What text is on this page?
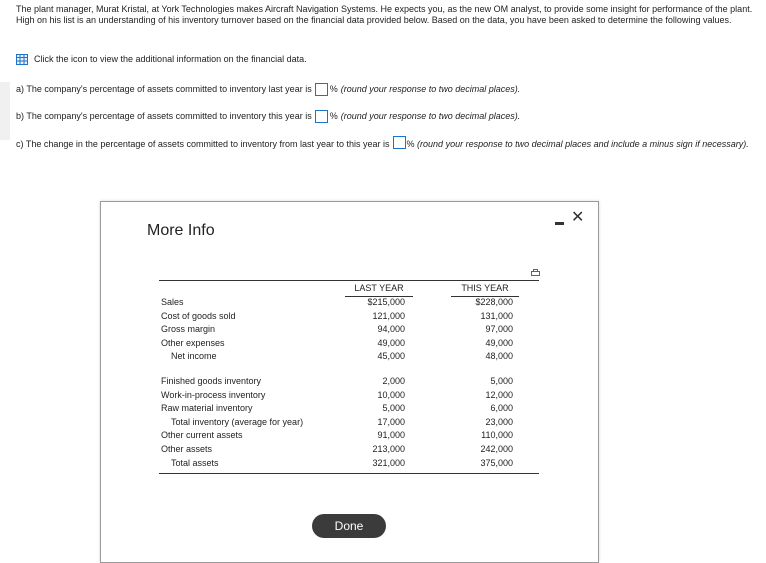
The plant manager, Murat Kristal, at York Technologies makes Aircraft Navigation Systems. He expects you, as the new OM analyst, to provide some insight for performance of the plant. High on his list is an understanding of his inventory turnover based on the financial data provided below. Based on the data, you have been asked to determine the following values.
Click the icon to view the additional information on the financial data.
a) The company's percentage of assets committed to inventory last year is % (round your response to two decimal places).
b) The company's percentage of assets committed to inventory this year is % (round your response to two decimal places).
c) The change in the percentage of assets committed to inventory from last year to this year is % (round your response to two decimal places and include a minus sign if necessary).
More Info
✕
LAST YEAR	THIS YEAR
Sales	$215,000	$228,000
Cost of goods sold	121,000	131,000
Gross margin	94,000	97,000
Other expenses	49,000	49,000
Net income	45,000	48,000
Finished goods inventory	2,000	5,000
Work-in-process inventory	10,000	12,000
Raw material inventory	5,000	6,000
Total inventory (average for year)	17,000	23,000
Other current assets	91,000	110,000
Other assets	213,000	242,000
Total assets	321,000	375,000
Done
